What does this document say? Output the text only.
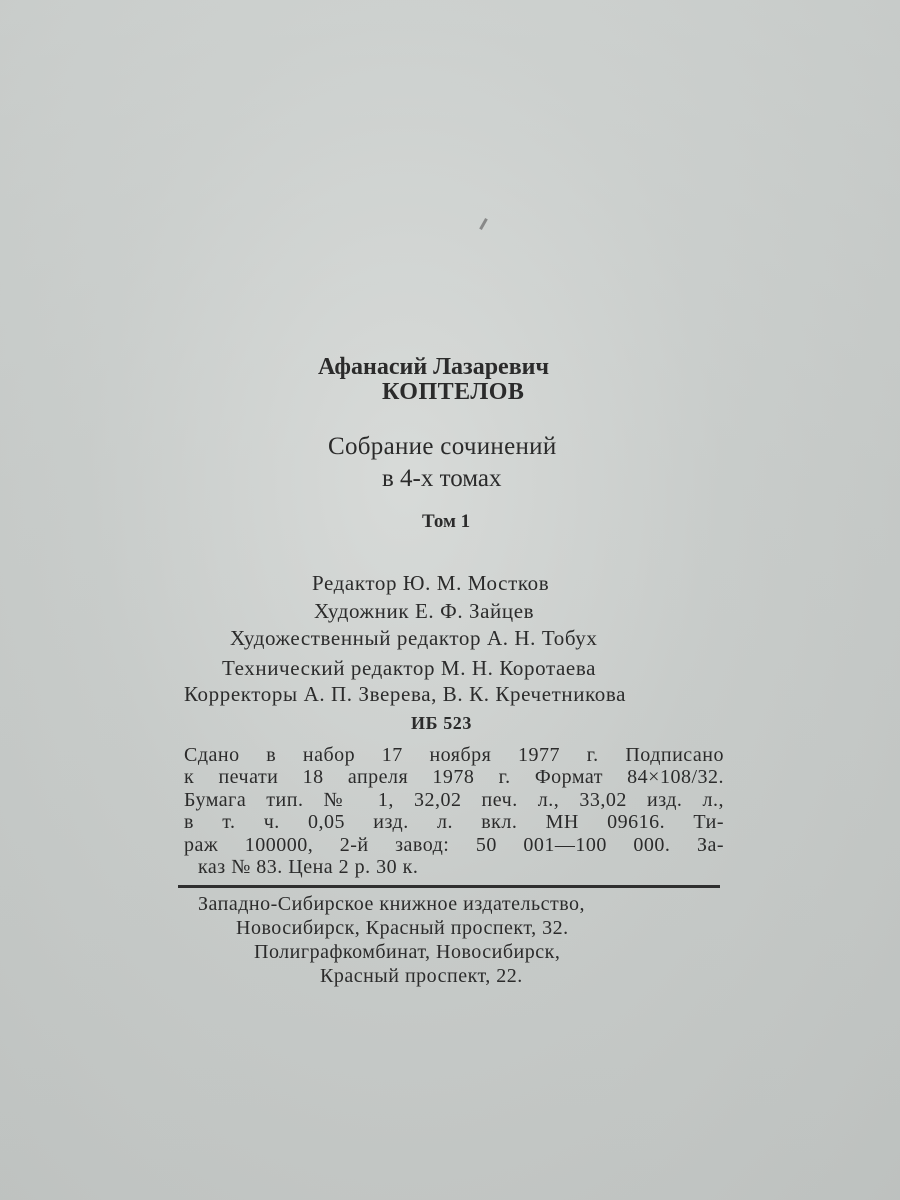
Афанасий Лазаревич
КОПТЕЛОВ
Собрание сочинений
в 4-х томах
Том 1
Редактор Ю. М. Мостков
Художник Е. Ф. Зайцев
Художественный редактор А. Н. Тобух
Технический редактор М. Н. Коротаева
Корректоры А. П. Зверева, В. К. Кречетникова
ИБ 523
Сдано в набор 17 ноября 1977 г. Подписано
к печати 18 апреля 1978 г. Формат 84×108/32.
Бумага тип. № 1, 32,02 печ. л., 33,02 изд. л.,
в т. ч. 0,05 изд. л. вкл. МН 09616. Ти-
раж 100000, 2-й завод: 50 001—100 000. За-
каз № 83. Цена 2 р. 30 к.
Западно-Сибирское книжное издательство,
Новосибирск, Красный проспект, 32.
Полиграфкомбинат, Новосибирск,
Красный проспект, 22.
